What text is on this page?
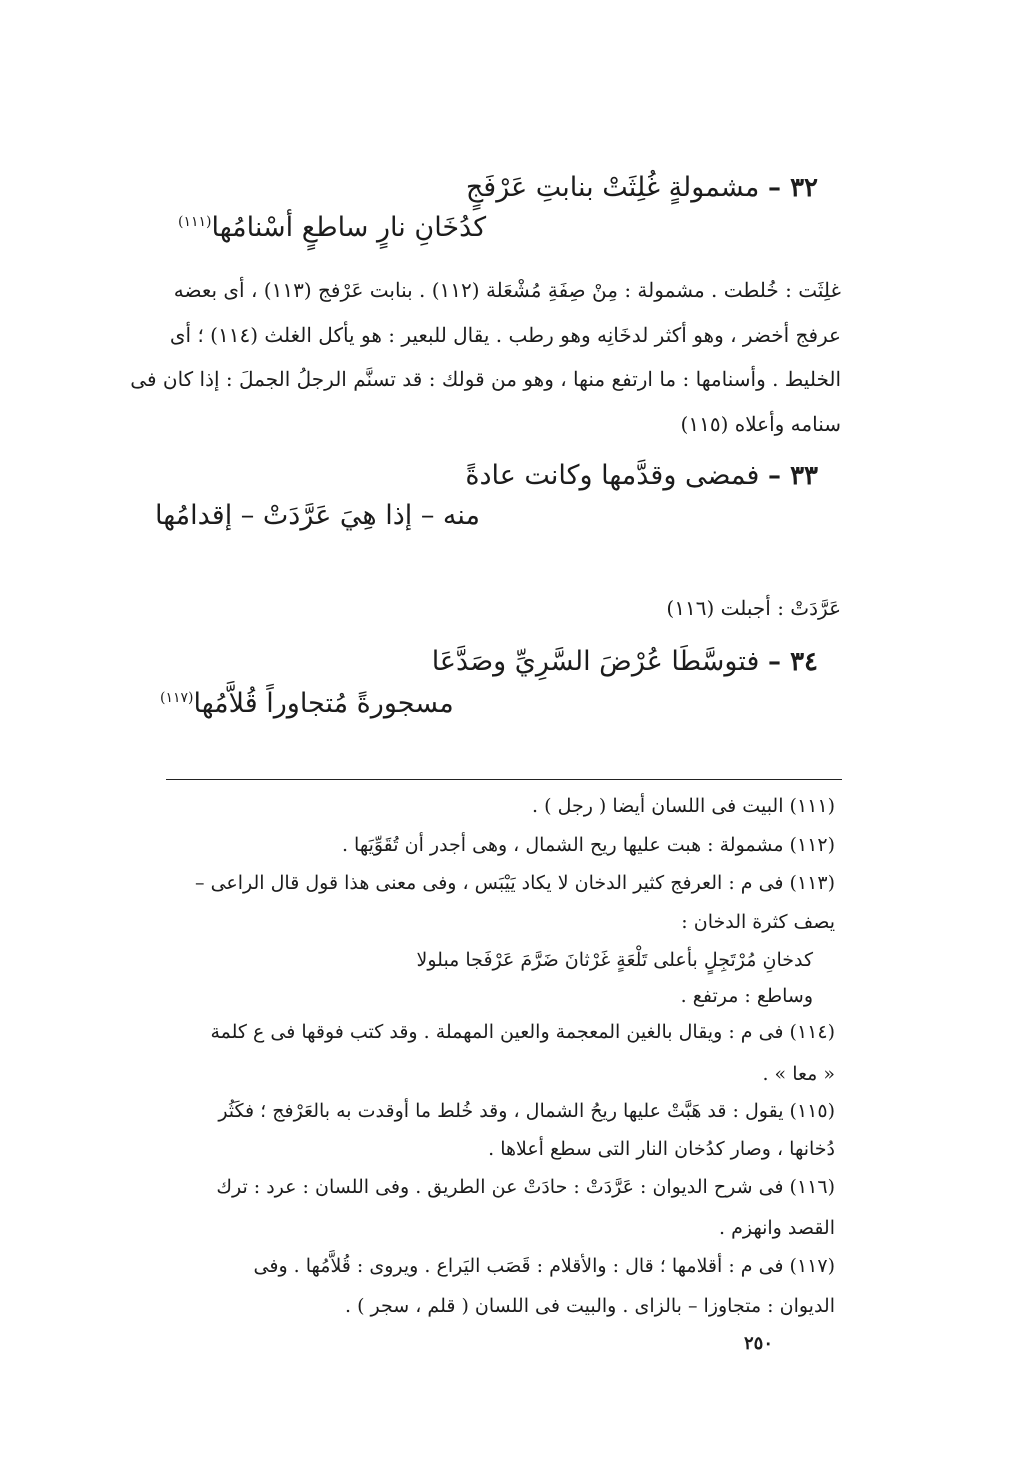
٣٢ – مشمولةٍ غُلِثَتْ بنابتِ عَرْفَجٍ
كدُخَانِ نارٍ ساطعٍ أسْنامُها$^{(١١١)}$
غلِثَت : خُلطت . مشمولة : مِنْ صِفَةِ مُشْعَلة (١١٢) . بنابت عَرْفج (١١٣) ، أى بعضه
عرفج أخضر ، وهو أكثر لدخَانِه وهو رطب . يقال للبعير : هو يأكل الغلث (١١٤) ؛ أى
الخليط . وأسنامها : ما ارتفع منها ، وهو من قولك : قد تسنَّم الرجلُ الجملَ : إذا كان فى
سنامه وأعلاه (١١٥)
٣٣ – فمضى وقدَّمها وكانت عادةً
منه – إذا هِيَ عَرَّدَتْ – إقدامُها
عَرَّدَتْ : أجبلت (١١٦)
٣٤ – فتوسَّطَا عُرْضَ السَّرِيِّ وصَدَّعَا
مسجورةً مُتجاوراً قُلاَّمُها$^{(١١٧)}$
(١١١) البيت فى اللسان أيضا ( رجل ) .
(١١٢) مشمولة : هبت عليها ريح الشمال ، وهى أجدر أن تُقَوِّيَها .
(١١٣) فى م : العرفج كثير الدخان لا يكاد يَيْبَس ، وفى معنى هذا قول قال الراعى –
يصف كثرة الدخان :
كدخانِ مُرْتَجِلٍ بأعلى تَلْعَةٍ غَرْثانَ ضَرَّمَ عَرْفَجا مبلولا
وساطع : مرتفع .
(١١٤) فى م : ويقال بالغين المعجمة والعين المهملة . وقد كتب فوقها فى ع كلمة
« معا » .
(١١٥) يقول : قد هَبَّتْ عليها ريحُ الشمال ، وقد خُلط ما أوقدت به بالعَرْفج ؛ فكَثُر
دُخانها ، وصار كدُخان النار التى سطع أعلاها .
(١١٦) فى شرح الديوان : عَرَّدَتْ : حادَتْ عن الطريق . وفى اللسان : عرد : ترك
القصد وانهزم .
(١١٧) فى م : أقلامها ؛ قال : والأقلام : قَصَب اليَراع . ويروى : قُلاَّمُها . وفى
الديوان : متجاوزا – بالزاى . والبيت فى اللسان ( قلم ، سجر ) .
٢٥٠
